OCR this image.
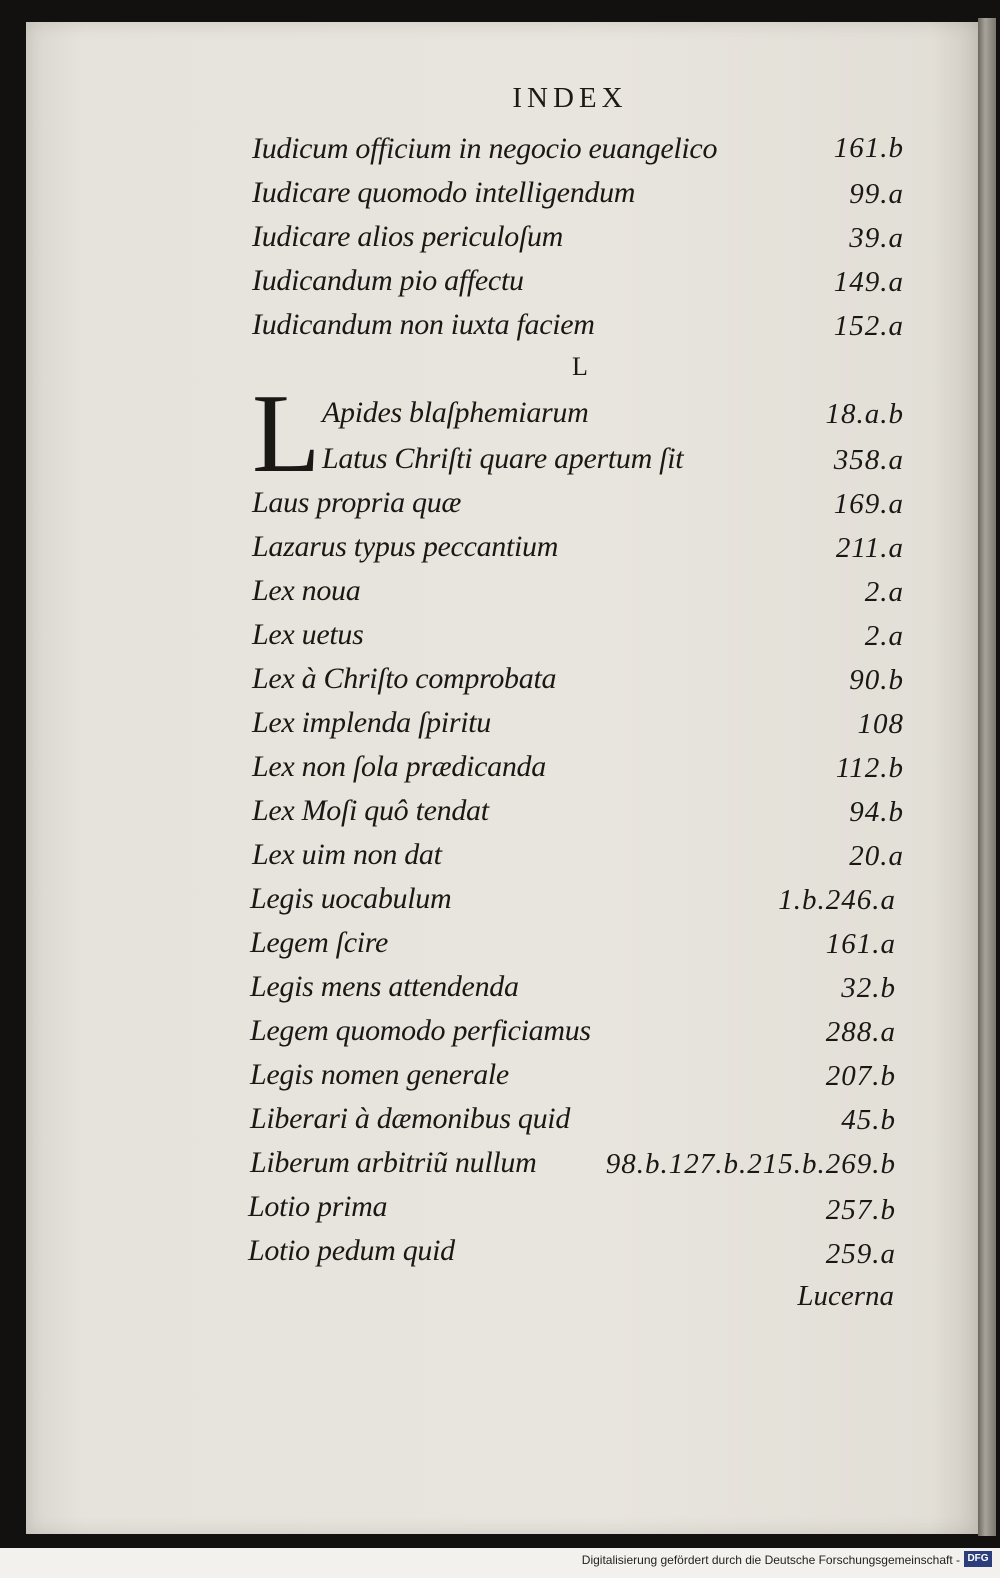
INDEX
L
L
Iudicum officium in negocio euangelico	161.b
Iudicare quomodo intelligendum	99.a
Iudicare alios periculoſum	39.a
Iudicandum pio affectu	149.a
Iudicandum non iuxta faciem	152.a
Apides blaſphemiarum	18.a.b
Latus Chriſti quare apertum ſit	358.a
Laus propria quæ	169.a
Lazarus typus peccantium	211.a
Lex noua	2.a
Lex uetus	2.a
Lex à Chriſto comprobata	90.b
Lex implenda ſpiritu	108
Lex non ſola prædicanda	112.b
Lex Moſi quô tendat	94.b
Lex uim non dat	20.a
Legis uocabulum	1.b.246.a
Legem ſcire	161.a
Legis mens attendenda	32.b
Legem quomodo perficiamus	288.a
Legis nomen generale	207.b
Liberari à dæmonibus quid	45.b
Liberum arbitriũ nullum 98.b.127.b.215.b.269.b
Lotio prima	257.b
Lotio pedum quid	259.a
Lucerna
Digitalisierung gefördert durch die Deutsche Forschungsgemeinschaft - DFG
